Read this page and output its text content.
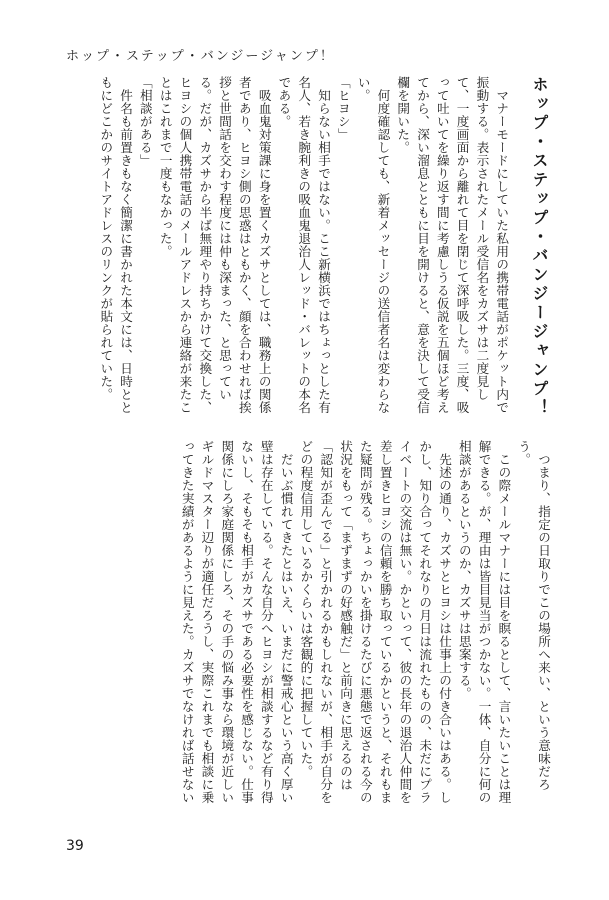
ホップ・ステップ・バンジージャンプ！

ホップ・ステップ・バンジージャンプ！

マナーモードにしていた私用の携帯電話がポケット内で振動する。表示されたメール受信名をカズサは二度見して、一度画面から離れて目を閉じて深呼吸した。三度、吸って吐いてを繰り返す間に考慮しうる仮説を五個ほど考えてから、深い溜息とともに目を開けると、意を決して受信欄を開いた。

何度確認しても、新着メッセージの送信者名は変わらない。

「ヒヨシ」

知らない相手ではない。ここ新横浜ではちょっとした有名人、若き腕利きの吸血鬼退治人レッド・バレットの本名である。

吸血鬼対策課に身を置くカズサとしては、職務上の関係者であり、ヒヨシ側の思惑はともかく、顔を合わせれば挨拶と世間話を交わす程度には仲も深まった、と思っている。だが、カズサから半ば無理やり持ちかけて交換した、ヒヨシの個人携帯電話のメールアドレスから連絡が来たことはこれまで一度もなかった。

「相談がある」

件名も前置きもなく簡潔に書かれた本文には、日時とともにどこかのサイトアドレスのリンクが貼られていた。

つまり、指定の日取りでこの場所へ来い、という意味だろう。

この際メールマナーには目を瞑るとして、言いたいことは理解できる。が、理由は皆目見当がつかない。一体、自分に何の相談があるというのか、カズサは思案する。

先述の通り、カズサとヒヨシは仕事上の付き合いはある。しかし、知り合ってそれなりの月日は流れたものの、未だにプライベートの交流は無い。かといって、彼の長年の退治人仲間を差し置きヒヨシの信頼を勝ち取っているかというと、それもまた疑問が残る。ちょっかいを掛けるたびに悪態で返される今の状況をもって「まずまずの好感触だ」と前向きに思えるのは「認知が歪んでる」と引かれるかもしれないが、相手が自分をどの程度信用しているかくらいは客観的に把握していた。

だいぶ慣れてきたとはいえ、いまだに警戒心という高く厚い壁は存在している。そんな自分へヒヨシが相談するなど有り得ないし、そもそも相手がカズサである必要性を感じない。仕事関係にしろ家庭関係にしろ、その手の悩み事なら環境が近しいギルドマスター辺りが適任だろうし、実際これまでも相談に乗ってきた実績があるように見えた。カズサでなければ話せない

39
